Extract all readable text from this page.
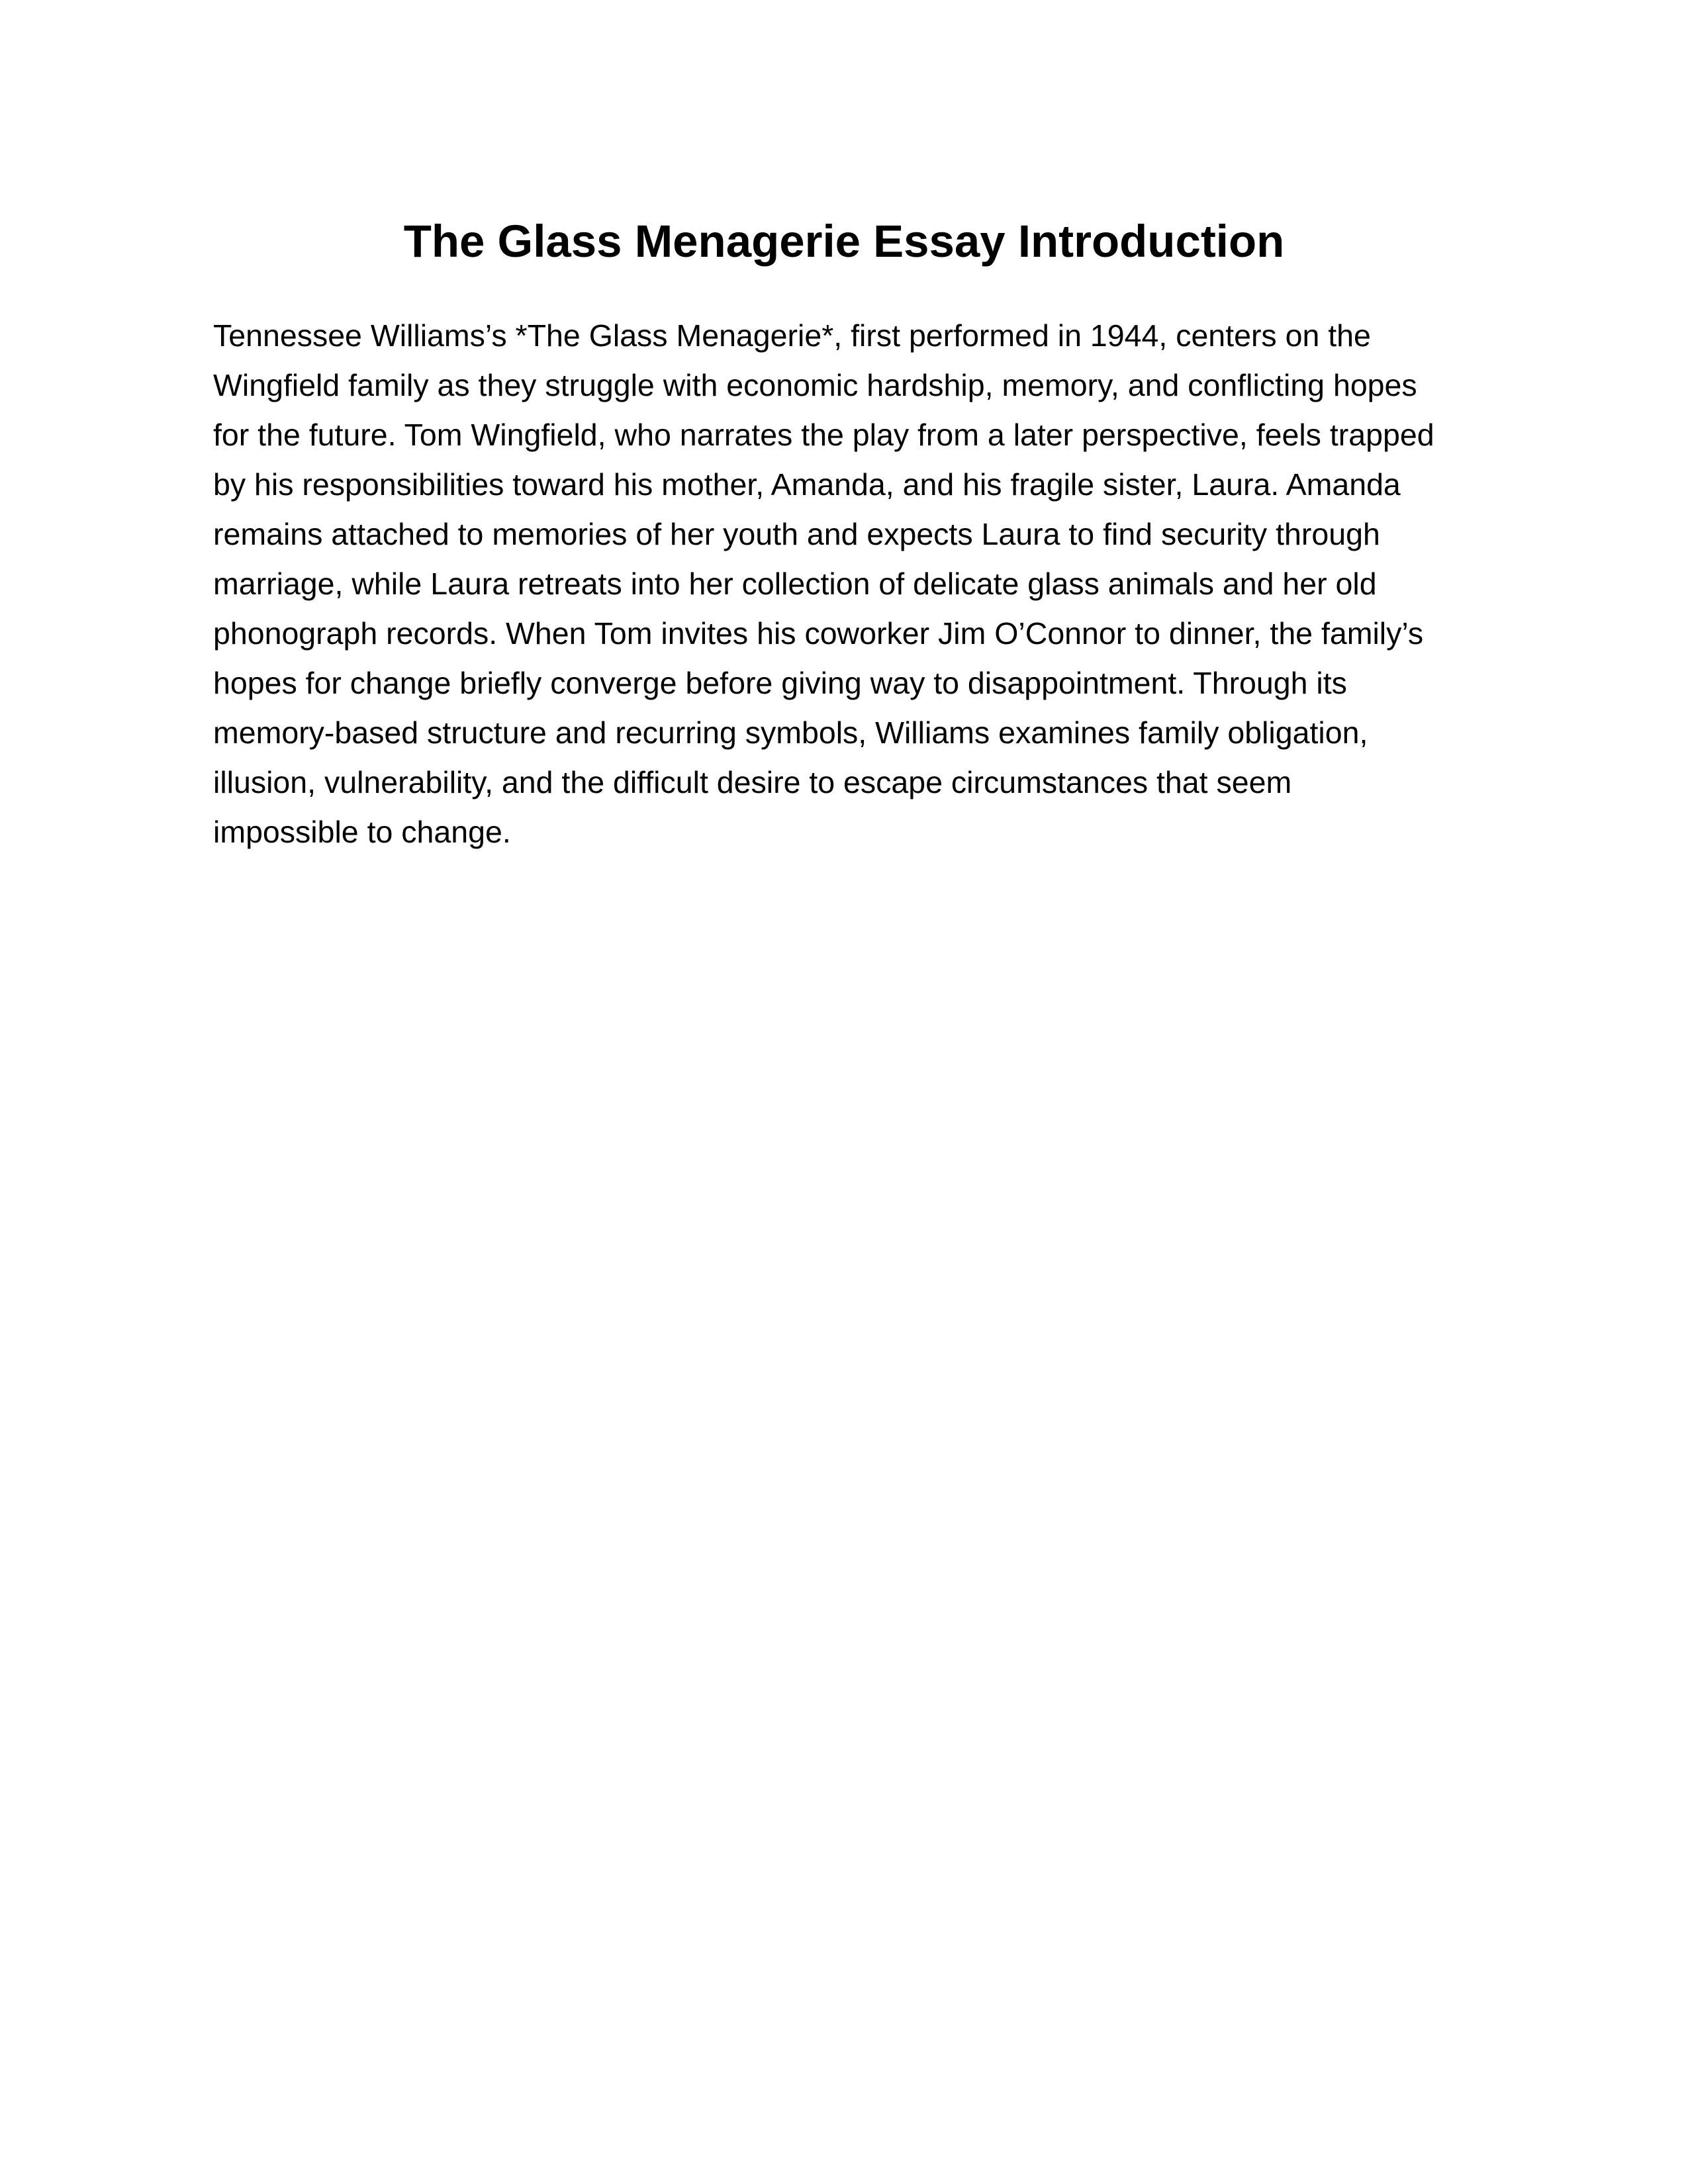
The Glass Menagerie Essay Introduction

Tennessee Williams’s *The Glass Menagerie*, first performed in 1944, centers on the
Wingfield family as they struggle with economic hardship, memory, and conflicting hopes
for the future. Tom Wingfield, who narrates the play from a later perspective, feels trapped
by his responsibilities toward his mother, Amanda, and his fragile sister, Laura. Amanda
remains attached to memories of her youth and expects Laura to find security through
marriage, while Laura retreats into her collection of delicate glass animals and her old
phonograph records. When Tom invites his coworker Jim O’Connor to dinner, the family’s
hopes for change briefly converge before giving way to disappointment. Through its
memory-based structure and recurring symbols, Williams examines family obligation,
illusion, vulnerability, and the difficult desire to escape circumstances that seem
impossible to change.
